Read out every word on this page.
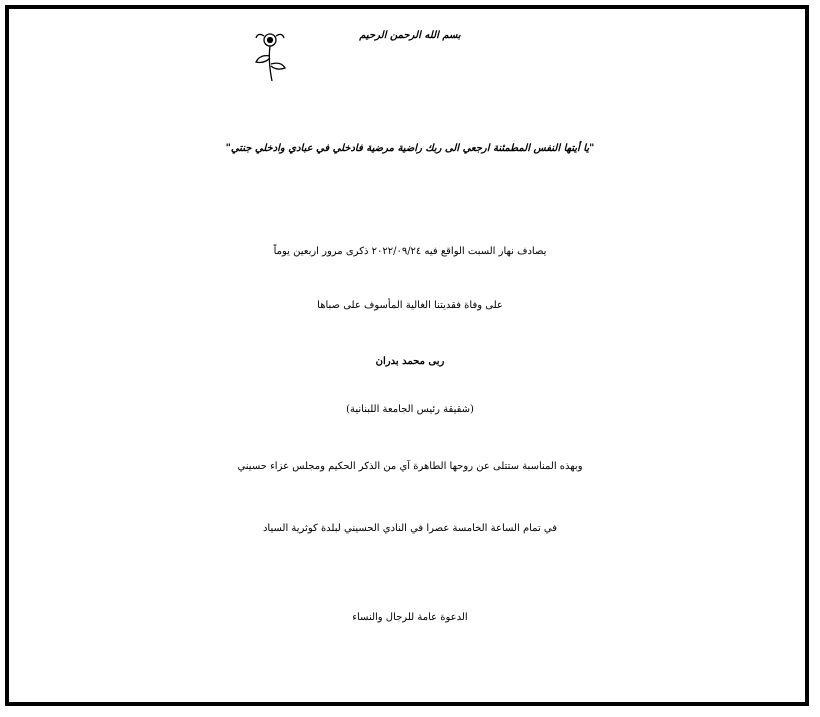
بسم الله الرحمن الرحيم
"يا أيتها النفس المطمئنة ارجعي الى ربك راضية مرضية فادخلي في عبادي وادخلي جنتي"
يصادف نهار السبت الواقع فيه ٢٠٢٢/٠٩/٢٤ ذكرى مرور اربعين يوماً
على وفاة فقديتنا الغالية المأسوف على صباها
ربى محمد بدران
(شقيقة رئيس الجامعة اللبنانية)
وبهذه المناسبة ستتلى عن روحها الطاهرة آي من الذكر الحكيم ومجلس عزاء حسيني
في تمام الساعة الخامسة عصرا في النادي الحسيني لبلدة كوثرية السياد
الدعوة عامة للرجال والنساء
